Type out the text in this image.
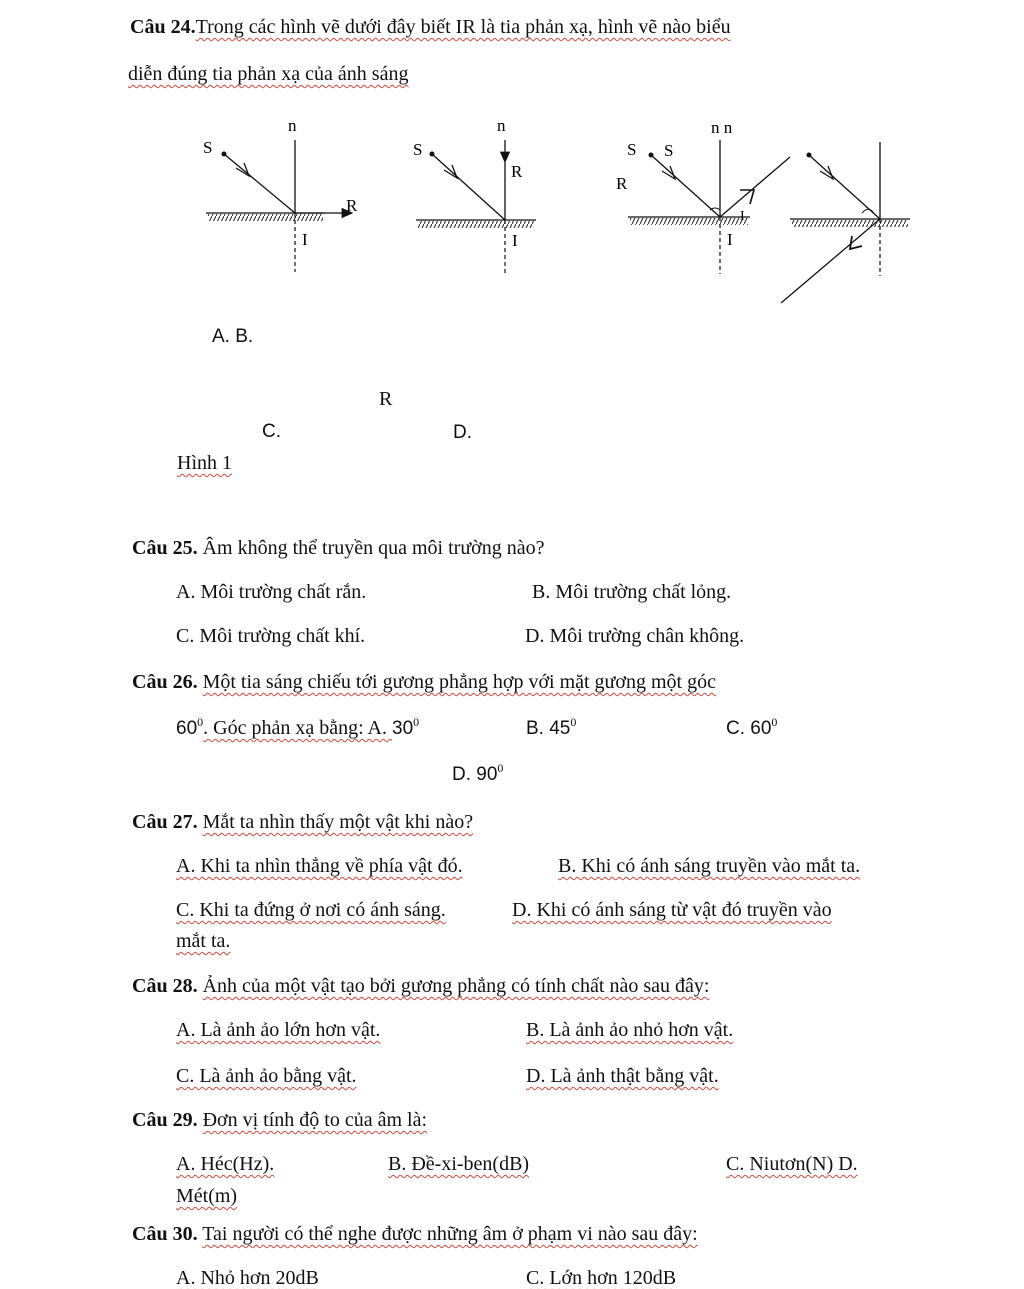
Câu 24.Trong các hình vẽ dưới đây biết IR là tia phản xạ, hình vẽ nào biểu
diễn đúng tia phản xạ của ánh sáng
S
n
R
I
S
n
R
I
S S
n n
R
I
I
A. B.
R
C.	D.
Hình 1
Câu 25. Âm không thể truyền qua môi trường nào?
A. Môi trường chất rắn.	B. Môi trường chất lỏng.
C. Môi trường chất khí.	D. Môi trường chân không.
Câu 26. Một tia sáng chiếu tới gương phẳng hợp với mặt gương một góc
$60^0$. Góc phản xạ bằng: A. $30^0$	B. $45^0$	C. $60^0$
D. $90^0$
Câu 27. Mắt ta nhìn thấy một vật khi nào?
A. Khi ta nhìn thẳng về phía vật đó.	B. Khi có ánh sáng truyền vào mắt ta.
C. Khi ta đứng ở nơi có ánh sáng.	D. Khi có ánh sáng từ vật đó truyền vào
mắt ta.
Câu 28. Ảnh của một vật tạo bởi gương phẳng có tính chất nào sau đây:
A. Là ảnh ảo lớn hơn vật.	B. Là ảnh ảo nhỏ hơn vật.
C. Là ảnh ảo bằng vật.	D. Là ảnh thật bằng vật.
Câu 29. Đơn vị tính độ to của âm là:
A. Héc(Hz).	B. Đề-xi-ben(dB)	C. Niutơn(N) D.
Mét(m)
Câu 30. Tai người có thể nghe được những âm ở phạm vi nào sau đây:
A. Nhỏ hơn 20dB	C. Lớn hơn 120dB
